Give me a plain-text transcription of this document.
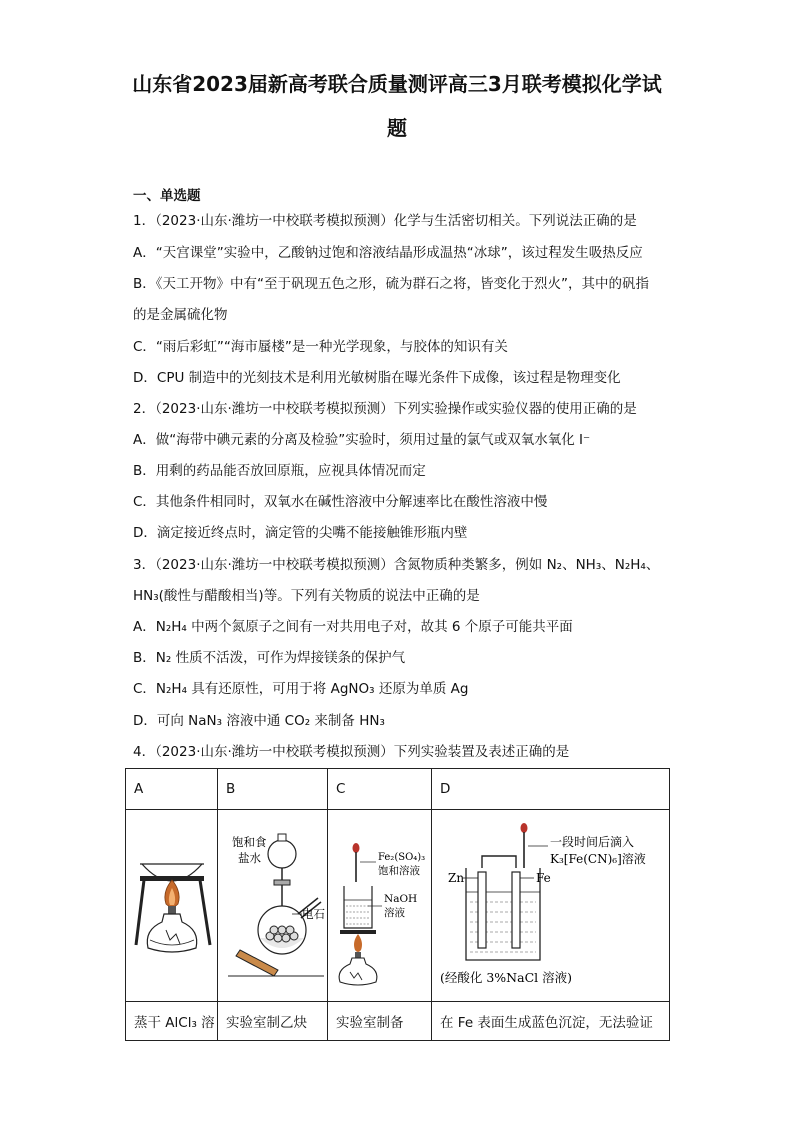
山东省2023届新高考联合质量测评高三3月联考模拟化学试
题
一、单选题
1．（2023·山东·潍坊一中校联考模拟预测）化学与生活密切相关。下列说法正确的是
A．“天宫课堂”实验中，乙酸钠过饱和溶液结晶形成温热“冰球”，该过程发生吸热反应
B．《天工开物》中有“至于矾现五色之形，硫为群石之将，皆变化于烈火”，其中的矾指
的是金属硫化物
C．“雨后彩虹”“海市蜃楼”是一种光学现象，与胶体的知识有关
D．CPU 制造中的光刻技术是利用光敏树脂在曝光条件下成像，该过程是物理变化
2．（2023·山东·潍坊一中校联考模拟预测）下列实验操作或实验仪器的使用正确的是
A．做“海带中碘元素的分离及检验”实验时，须用过量的氯气或双氧水氧化 I⁻
B．用剩的药品能否放回原瓶，应视具体情况而定
C．其他条件相同时，双氧水在碱性溶液中分解速率比在酸性溶液中慢
D．滴定接近终点时，滴定管的尖嘴不能接触锥形瓶内壁
3．（2023·山东·潍坊一中校联考模拟预测）含氮物质种类繁多，例如 N₂、NH₃、N₂H₄、
HN₃(酸性与醋酸相当)等。下列有关物质的说法中正确的是
A．N₂H₄ 中两个氮原子之间有一对共用电子对，故其 6 个原子可能共平面
B．N₂ 性质不活泼，可作为焊接镁条的保护气
C．N₂H₄ 具有还原性，可用于将 AgNO₃ 还原为单质 Ag
D．可向 NaN₃ 溶液中通 CO₂ 来制备 HN₃
4．（2023·山东·潍坊一中校联考模拟预测）下列实验装置及表述正确的是
A	B	C	D

饱和食
盐水
电石	Fe₂(SO₄)₃
饱和溶液
NaOH
溶液	Zn Fe
一段时间后滴入
K₃[Fe(CN)₆]溶液
(经酸化 3%NaCl 溶液)

蒸干 AlCl₃ 溶	实验室制乙炔	实验室制备	在 Fe 表面生成蓝色沉淀，无法验证
